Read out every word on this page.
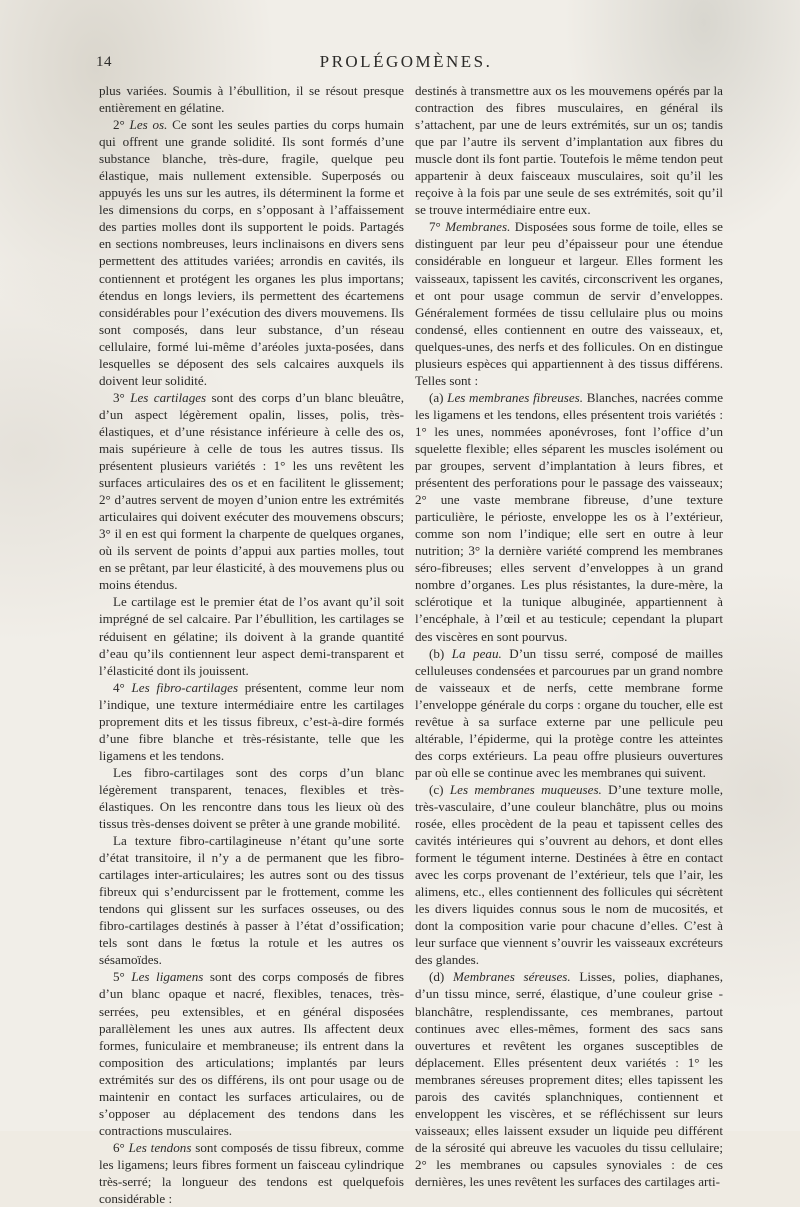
14	PROLÉGOMÈNES.

plus variées. Soumis à l’ébullition, il se résout presque entièrement en gélatine.

2° Les os. Ce sont les seules parties du corps humain qui offrent une grande solidité. Ils sont formés d’une substance blanche, très-dure, fragile, quelque peu élastique, mais nullement extensible. Superposés ou appuyés les uns sur les autres, ils déterminent la forme et les dimensions du corps, en s’opposant à l’affaissement des parties molles dont ils supportent le poids. Partagés en sections nombreuses, leurs inclinaisons en divers sens permettent des attitudes variées; arrondis en cavités, ils contiennent et protégent les organes les plus importans; étendus en longs leviers, ils permettent des écartemens considérables pour l’exécution des divers mouvemens. Ils sont composés, dans leur substance, d’un réseau cellulaire, formé lui-même d’aréoles juxta-posées, dans lesquelles se déposent des sels calcaires auxquels ils doivent leur solidité.

3° Les cartilages sont des corps d’un blanc bleuâtre, d’un aspect légèrement opalin, lisses, polis, très-élastiques, et d’une résistance inférieure à celle des os, mais supérieure à celle de tous les autres tissus. Ils présentent plusieurs variétés : 1° les uns revêtent les surfaces articulaires des os et en facilitent le glissement; 2° d’autres servent de moyen d’union entre les extrémités articulaires qui doivent exécuter des mouvemens obscurs; 3° il en est qui forment la charpente de quelques organes, où ils servent de points d’appui aux parties molles, tout en se prêtant, par leur élasticité, à des mouvemens plus ou moins étendus.

Le cartilage est le premier état de l’os avant qu’il soit imprégné de sel calcaire. Par l’ébullition, les cartilages se réduisent en gélatine; ils doivent à la grande quantité d’eau qu’ils contiennent leur aspect demi-transparent et l’élasticité dont ils jouissent.

4° Les fibro-cartilages présentent, comme leur nom l’indique, une texture intermédiaire entre les cartilages proprement dits et les tissus fibreux, c’est-à-dire formés d’une fibre blanche et très-résistante, telle que les ligamens et les tendons.

Les fibro-cartilages sont des corps d’un blanc légèrement transparent, tenaces, flexibles et très-élastiques. On les rencontre dans tous les lieux où des tissus très-denses doivent se prêter à une grande mobilité.

La texture fibro-cartilagineuse n’étant qu’une sorte d’état transitoire, il n’y a de permanent que les fibro-cartilages inter-articulaires; les autres sont ou des tissus fibreux qui s’endurcissent par le frottement, comme les tendons qui glissent sur les surfaces osseuses, ou des fibro-cartilages destinés à passer à l’état d’ossification; tels sont dans le fœtus la rotule et les autres os sésamoïdes.

5° Les ligamens sont des corps composés de fibres d’un blanc opaque et nacré, flexibles, tenaces, très-serrées, peu extensibles, et en général disposées parallèlement les unes aux autres. Ils affectent deux formes, funiculaire et membraneuse; ils entrent dans la composition des articulations; implantés par leurs extrémités sur des os différens, ils ont pour usage ou de maintenir en contact les surfaces articulaires, ou de s’opposer au déplacement des tendons dans les contractions musculaires.

6° Les tendons sont composés de tissu fibreux, comme les ligamens; leurs fibres forment un faisceau cylindrique très-serré; la longueur des tendons est quelquefois considérable :

destinés à transmettre aux os les mouvemens opérés par la contraction des fibres musculaires, en général ils s’attachent, par une de leurs extrémités, sur un os; tandis que par l’autre ils servent d’implantation aux fibres du muscle dont ils font partie. Toutefois le même tendon peut appartenir à deux faisceaux musculaires, soit qu’il les reçoive à la fois par une seule de ses extrémités, soit qu’il se trouve intermédiaire entre eux.

7° Membranes. Disposées sous forme de toile, elles se distinguent par leur peu d’épaisseur pour une étendue considérable en longueur et largeur. Elles forment les vaisseaux, tapissent les cavités, circonscrivent les organes, et ont pour usage commun de servir d’enveloppes. Généralement formées de tissu cellulaire plus ou moins condensé, elles contiennent en outre des vaisseaux, et, quelques-unes, des nerfs et des follicules. On en distingue plusieurs espèces qui appartiennent à des tissus différens. Telles sont :

(a) Les membranes fibreuses. Blanches, nacrées comme les ligamens et les tendons, elles présentent trois variétés : 1° les unes, nommées aponévroses, font l’office d’un squelette flexible; elles séparent les muscles isolément ou par groupes, servent d’implantation à leurs fibres, et présentent des perforations pour le passage des vaisseaux; 2° une vaste membrane fibreuse, d’une texture particulière, le périoste, enveloppe les os à l’extérieur, comme son nom l’indique; elle sert en outre à leur nutrition; 3° la dernière variété comprend les membranes séro-fibreuses; elles servent d’enveloppes à un grand nombre d’organes. Les plus résistantes, la dure-mère, la sclérotique et la tunique albuginée, appartiennent à l’encéphale, à l’œil et au testicule; cependant la plupart des viscères en sont pourvus.

(b) La peau. D’un tissu serré, composé de mailles celluleuses condensées et parcourues par un grand nombre de vaisseaux et de nerfs, cette membrane forme l’enveloppe générale du corps : organe du toucher, elle est revêtue à sa surface externe par une pellicule peu altérable, l’épiderme, qui la protège contre les atteintes des corps extérieurs. La peau offre plusieurs ouvertures par où elle se continue avec les membranes qui suivent.

(c) Les membranes muqueuses. D’une texture molle, très-vasculaire, d’une couleur blanchâtre, plus ou moins rosée, elles procèdent de la peau et tapissent celles des cavités intérieures qui s’ouvrent au dehors, et dont elles forment le tégument interne. Destinées à être en contact avec les corps provenant de l’extérieur, tels que l’air, les alimens, etc., elles contiennent des follicules qui sécrètent les divers liquides connus sous le nom de mucosités, et dont la composition varie pour chacune d’elles. C’est à leur surface que viennent s’ouvrir les vaisseaux excréteurs des glandes.

(d) Membranes séreuses. Lisses, polies, diaphanes, d’un tissu mince, serré, élastique, d’une couleur grise - blanchâtre, resplendissante, ces membranes, partout continues avec elles-mêmes, forment des sacs sans ouvertures et revêtent les organes susceptibles de déplacement. Elles présentent deux variétés : 1° les membranes séreuses proprement dites; elles tapissent les parois des cavités splanchniques, contiennent et enveloppent les viscères, et se réfléchissent sur leurs vaisseaux; elles laissent exsuder un liquide peu différent de la sérosité qui abreuve les vacuoles du tissu cellulaire; 2° les membranes ou capsules synoviales : de ces dernières, les unes revêtent les surfaces des cartilages arti-
